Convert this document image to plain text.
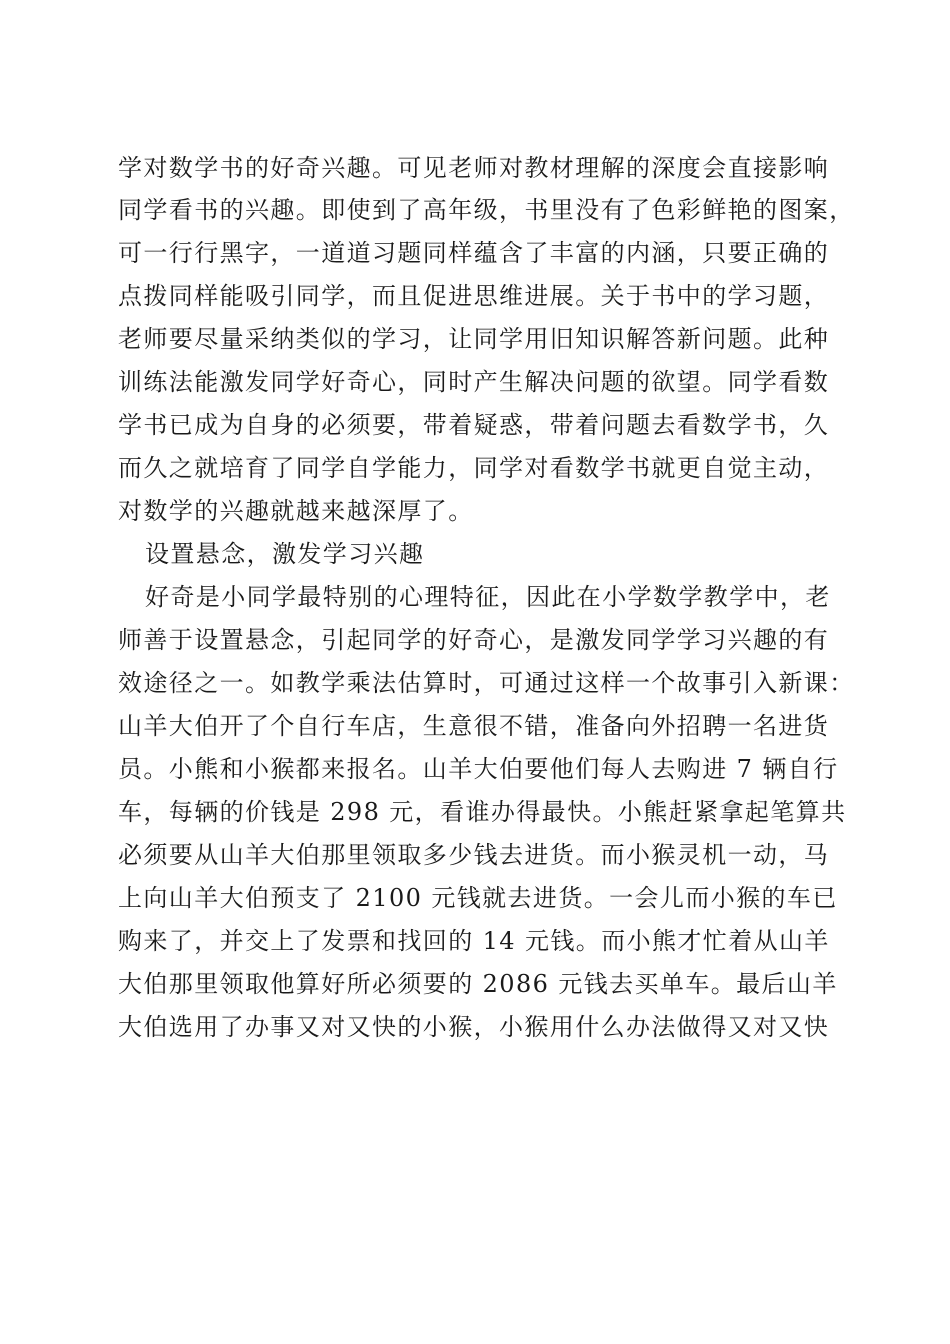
学对数学书的好奇兴趣。可见老师对教材理解的深度会直接影响
同学看书的兴趣。即使到了高年级，书里没有了色彩鲜艳的图案，
可一行行黑字，一道道习题同样蕴含了丰富的内涵，只要正确的
点拨同样能吸引同学，而且促进思维进展。关于书中的学习题，
老师要尽量采纳类似的学习，让同学用旧知识解答新问题。此种
训练法能激发同学好奇心，同时产生解决问题的欲望。同学看数
学书已成为自身的必须要，带着疑惑，带着问题去看数学书，久
而久之就培育了同学自学能力，同学对看数学书就更自觉主动，
对数学的兴趣就越来越深厚了。
设置悬念，激发学习兴趣
好奇是小同学最特别的心理特征，因此在小学数学教学中，老
师善于设置悬念，引起同学的好奇心，是激发同学学习兴趣的有
效途径之一。如教学乘法估算时，可通过这样一个故事引入新课：
山羊大伯开了个自行车店，生意很不错，准备向外招聘一名进货
员。小熊和小猴都来报名。山羊大伯要他们每人去购进 7 辆自行
车，每辆的价钱是 298 元，看谁办得最快。小熊赶紧拿起笔算共
必须要从山羊大伯那里领取多少钱去进货。而小猴灵机一动，马
上向山羊大伯预支了 2100 元钱就去进货。一会儿而小猴的车已
购来了，并交上了发票和找回的 14 元钱。而小熊才忙着从山羊
大伯那里领取他算好所必须要的 2086 元钱去买单车。最后山羊
大伯选用了办事又对又快的小猴，小猴用什么办法做得又对又快
